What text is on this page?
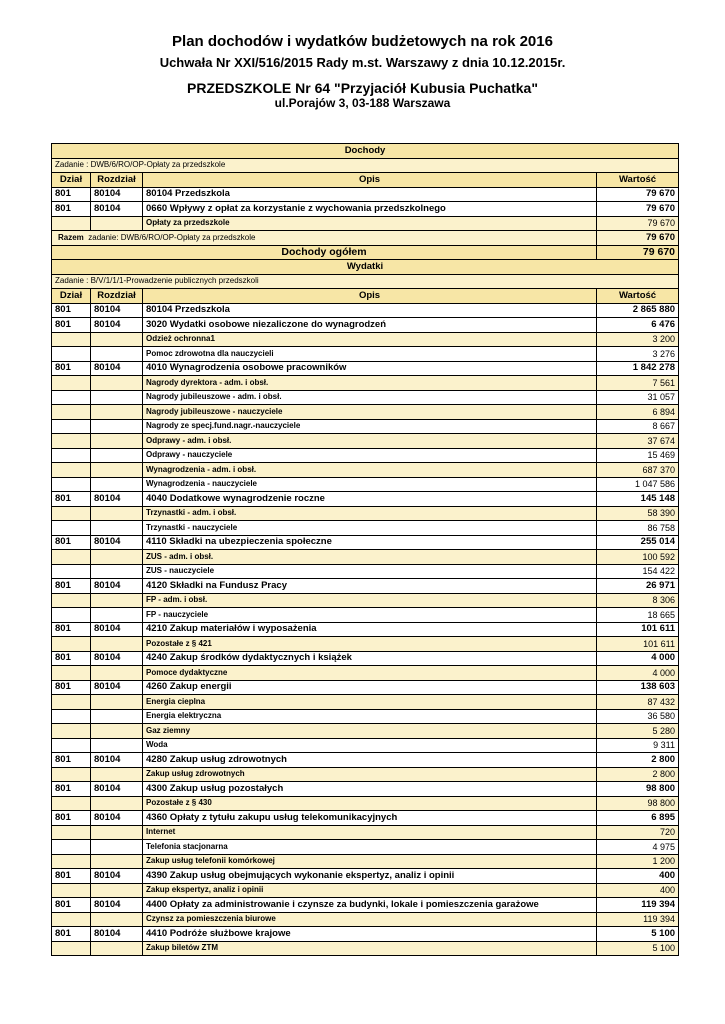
Plan dochodów i wydatków budżetowych na rok 2016
Uchwała Nr XXI/516/2015 Rady m.st. Warszawy z dnia 10.12.2015r.
PRZEDSZKOLE Nr 64 "Przyjaciół Kubusia Puchatka"
ul.Porajów 3, 03-188 Warszawa
Dochody			
Zadanie : DWB/6/RO/OP-Opłaty za przedszkole			
Dział	Rozdział	Opis	Wartość
801	80104	80104 Przedszkola	79 670
801	80104	0660 Wpływy z opłat za korzystanie z wychowania przedszkolnego	79 670
		Opłaty za przedszkole	79 670
Razem zadanie: DWB/6/RO/OP-Opłaty za przedszkole			79 670
Dochody ogółem			79 670
Wydatki			
Zadanie : B/V/1/1/1-Prowadzenie publicznych przedszkoli			
Dział	Rozdział	Opis	Wartość
801	80104	80104 Przedszkola	2 865 880
801	80104	3020 Wydatki osobowe niezaliczone do wynagrodzeń	6 476
		Odzież ochronna1	3 200
		Pomoc zdrowotna dla nauczycieli	3 276
801	80104	4010 Wynagrodzenia osobowe pracowników	1 842 278
		Nagrody dyrektora - adm. i obsł.	7 561
		Nagrody jubileuszowe - adm. i obsł.	31 057
		Nagrody jubileuszowe - nauczyciele	6 894
		Nagrody ze specj.fund.nagr.-nauczyciele	8 667
		Odprawy - adm. i obsł.	37 674
		Odprawy - nauczyciele	15 469
		Wynagrodzenia - adm. i obsł.	687 370
		Wynagrodzenia - nauczyciele	1 047 586
801	80104	4040 Dodatkowe wynagrodzenie roczne	145 148
		Trzynastki - adm. i obsł.	58 390
		Trzynastki - nauczyciele	86 758
801	80104	4110 Składki na ubezpieczenia społeczne	255 014
		ZUS - adm. i obsł.	100 592
		ZUS - nauczyciele	154 422
801	80104	4120 Składki na Fundusz Pracy	26 971
		FP - adm. i obsł.	8 306
		FP - nauczyciele	18 665
801	80104	4210 Zakup materiałów i wyposażenia	101 611
		Pozostałe z § 421	101 611
801	80104	4240 Zakup środków dydaktycznych i książek	4 000
		Pomoce dydaktyczne	4 000
801	80104	4260 Zakup energii	138 603
		Energia cieplna	87 432
		Energia elektryczna	36 580
		Gaz ziemny	5 280
		Woda	9 311
801	80104	4280 Zakup usług zdrowotnych	2 800
		Zakup usług zdrowotnych	2 800
801	80104	4300 Zakup usług pozostałych	98 800
		Pozostałe z § 430	98 800
801	80104	4360 Opłaty z tytułu zakupu usług telekomunikacyjnych	6 895
		Internet	720
		Telefonia stacjonarna	4 975
		Zakup usług telefonii komórkowej	1 200
801	80104	4390 Zakup usług obejmujących wykonanie ekspertyz, analiz i opinii	400
		Zakup ekspertyz, analiz i opinii	400
801	80104	4400 Opłaty za administrowanie i czynsze za budynki, lokale i pomieszczenia garażowe	119 394
		Czynsz za pomieszczenia biurowe	119 394
801	80104	4410 Podróże służbowe krajowe	5 100
		Zakup biletów ZTM	5 100
